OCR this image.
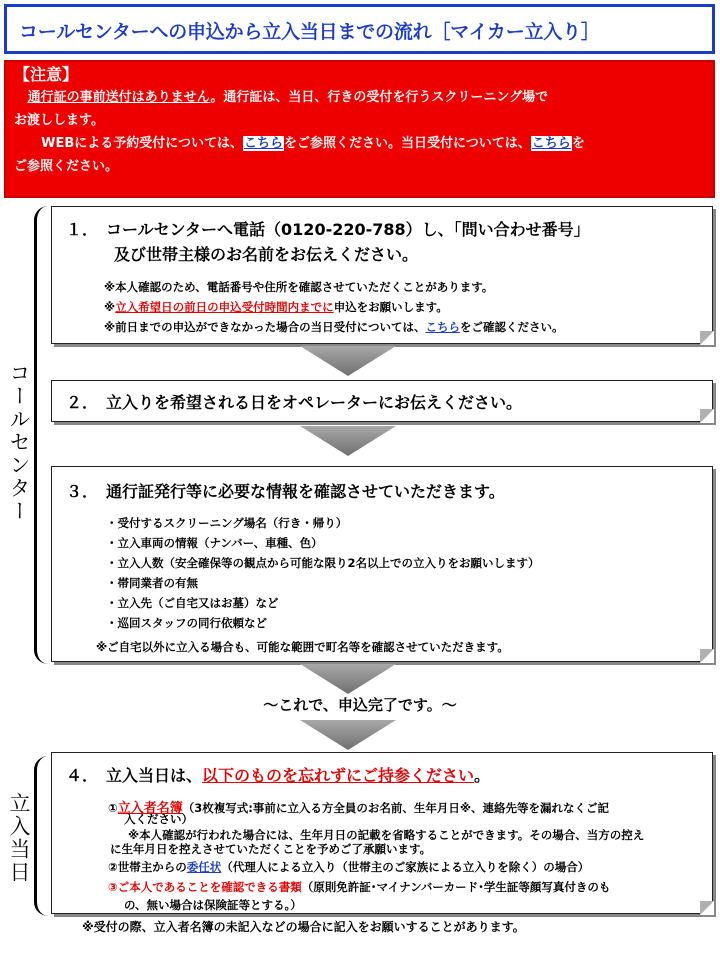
コールセンターへの申込から立入当日までの流れ［マイカー立入り］
【注意】
通行証の事前送付はありません。通行証は、当日、行きの受付を行うスクリーニング場で
お渡しします。
WEBによる予約受付については、こちらをご参照ください。当日受付については、こちらを
ご参照ください。
コールセンター
立入当日
１．　コールセンターへ電話（0120-220-788）し、「問い合わせ番号」
及び世帯主様のお名前をお伝えください。
※本人確認のため、電話番号や住所を確認させていただくことがあります。
※立入希望日の前日の申込受付時間内までに申込をお願いします。
※前日までの申込ができなかった場合の当日受付については、こちらをご確認ください。
２．　立入りを希望される日をオペレーターにお伝えください。
３．　通行証発行等に必要な情報を確認させていただきます。
・受付するスクリーニング場名（行き・帰り）
・立入車両の情報（ナンバー、車種、色）
・立入人数（安全確保等の観点から可能な限り2名以上での立入りをお願いします）
・帯同業者の有無
・立入先（ご自宅又はお墓）など
・巡回スタッフの同行依頼など
※ご自宅以外に立入る場合も、可能な範囲で町名等を確認させていただきます。
～これで、申込完了です。～
４．　立入当日は、以下のものを忘れずにご持参ください。
①立入者名簿（3枚複写式:事前に立入る方全員のお名前、生年月日※、連絡先等を漏れなくご記
入ください）
※本人確認が行われた場合には、生年月日の記載を省略することができます。その場合、当方の控え
に生年月日を控えさせていただくことを予めご了承願います。
②世帯主からの委任状（代理人による立入り（世帯主のご家族による立入りを除く）の場合）
③ご本人であることを確認できる書類（原則免許証･マイナンバーカード･学生証等顔写真付きのも
の、無い場合は保険証等とする。）
※受付の際、立入者名簿の未記入などの場合に記入をお願いすることがあります。
